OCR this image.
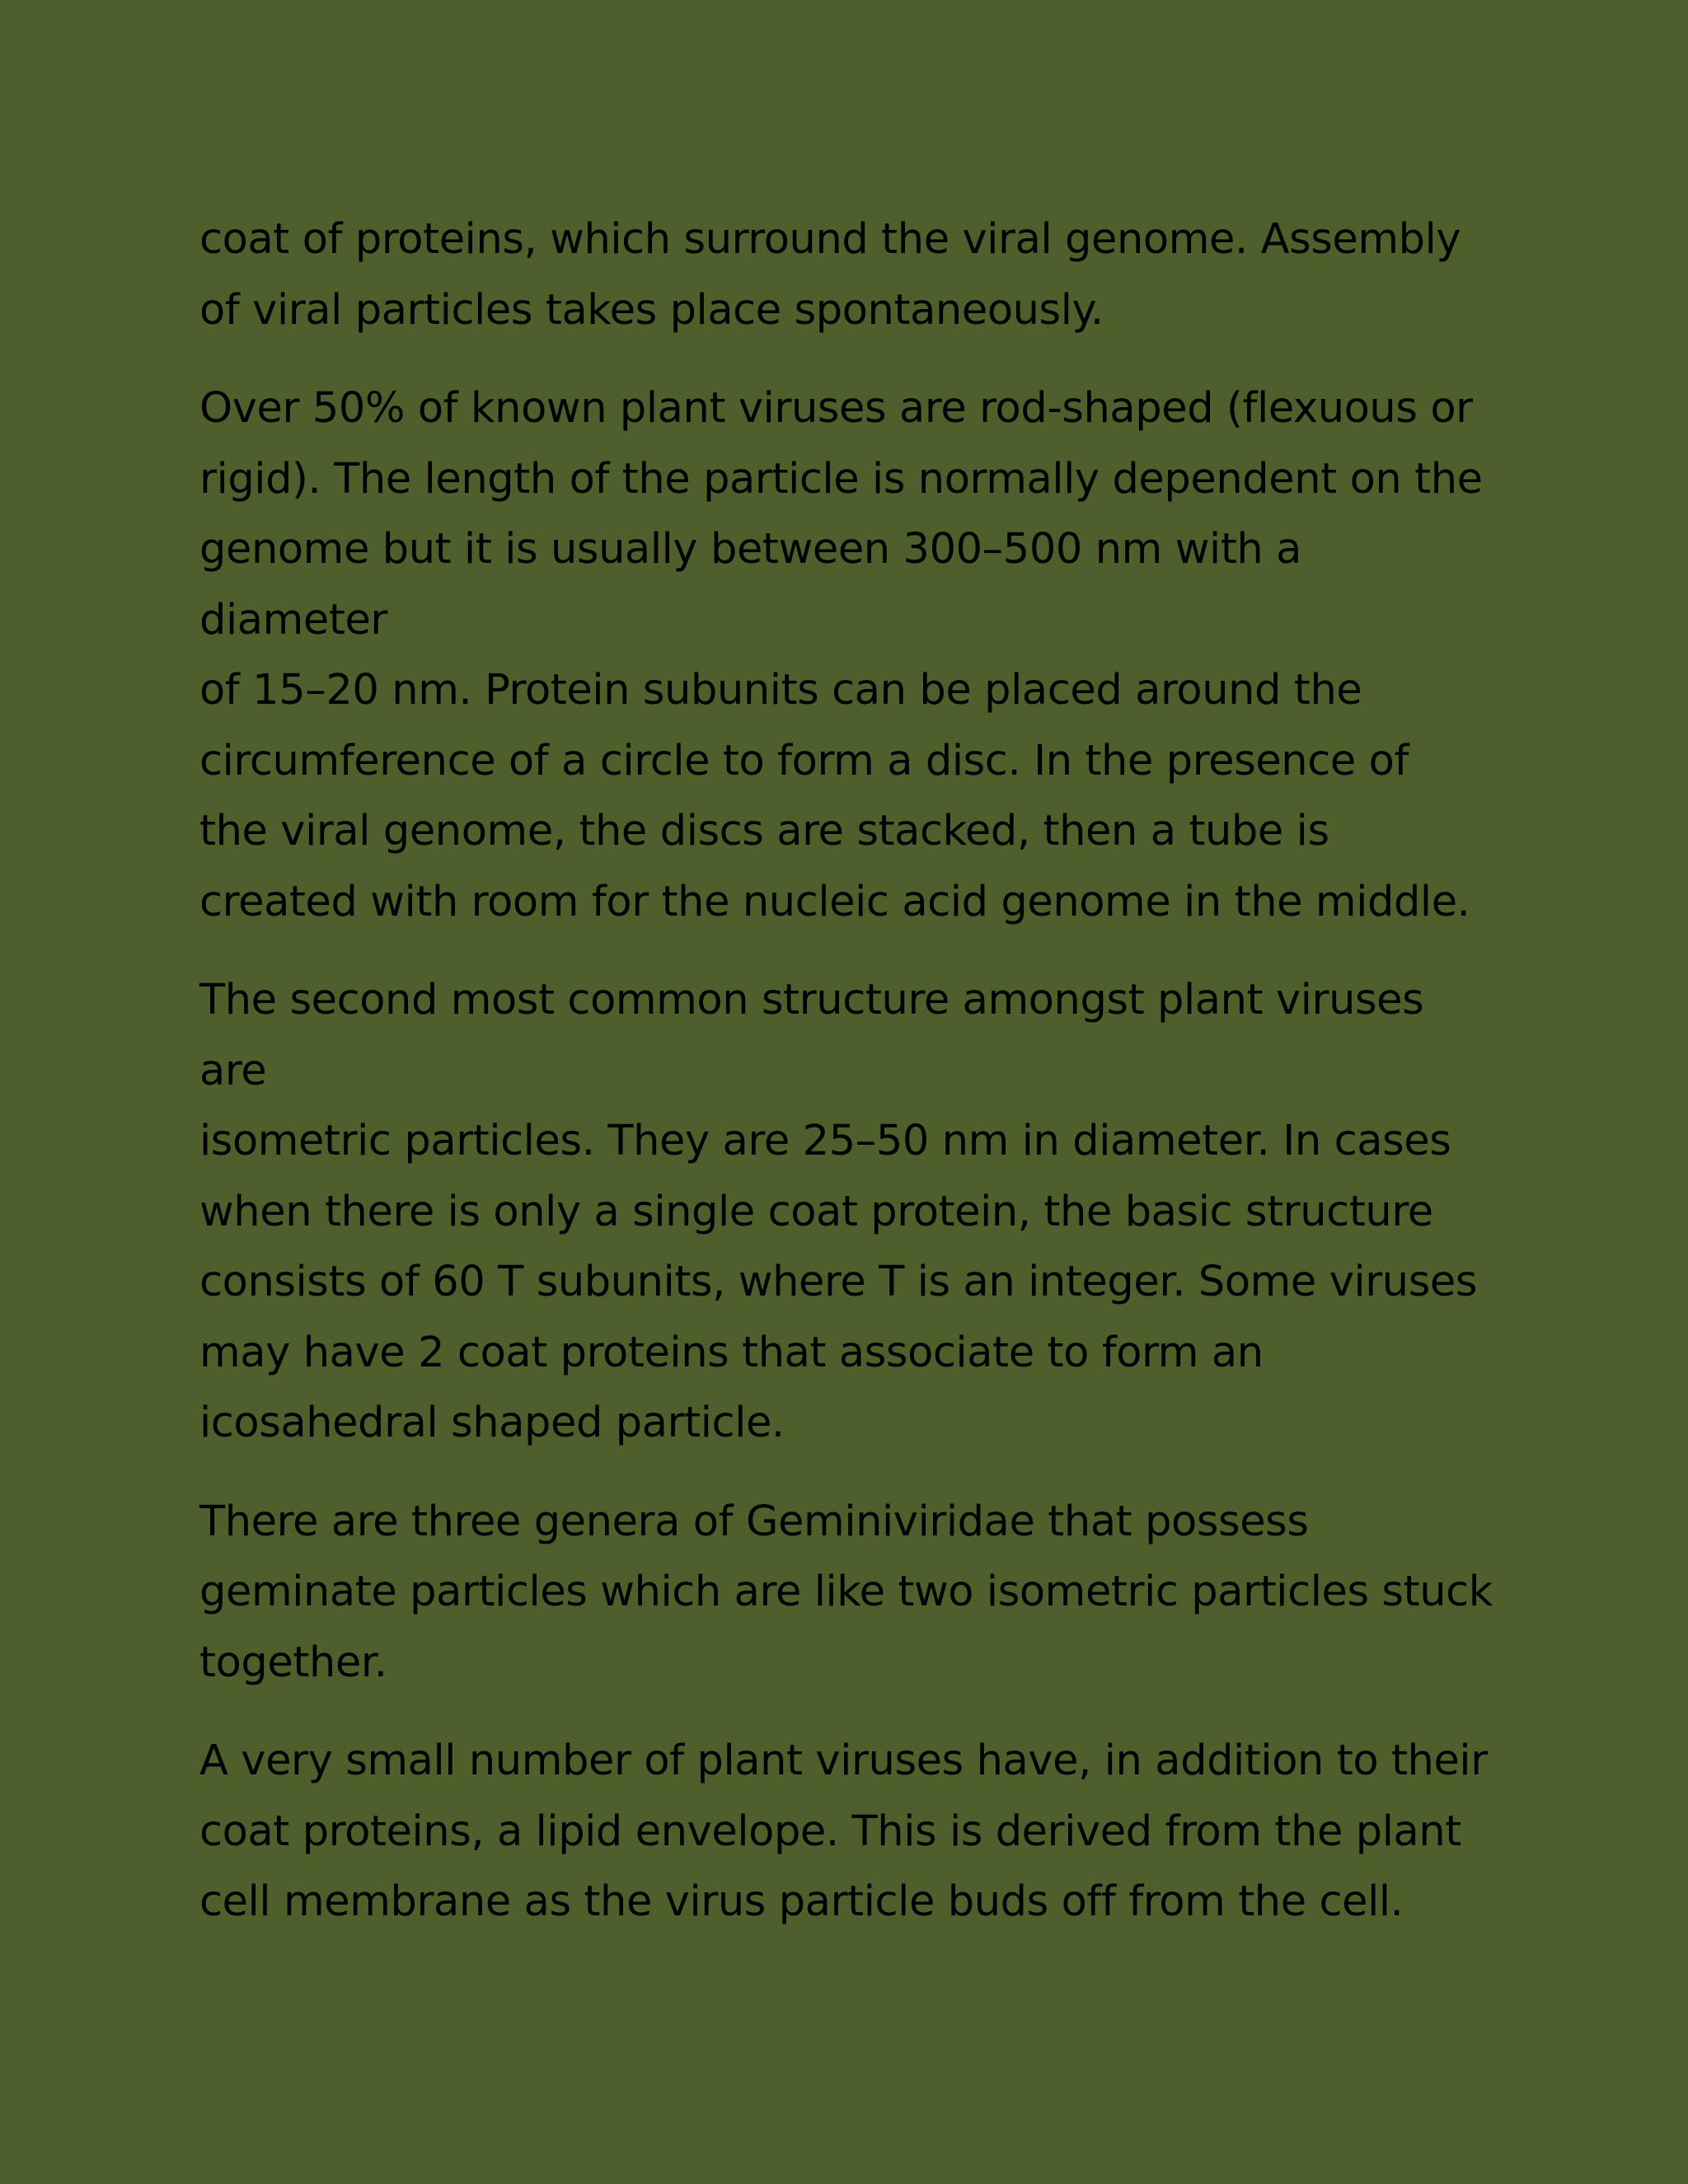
coat of proteins, which surround the viral genome. Assembly
of viral particles takes place spontaneously.

Over 50% of known plant viruses are rod-shaped (flexuous or
rigid). The length of the particle is normally dependent on the
genome but it is usually between 300–500 nm with a diameter
of 15–20 nm. Protein subunits can be placed around the
circumference of a circle to form a disc. In the presence of
the viral genome, the discs are stacked, then a tube is
created with room for the nucleic acid genome in the middle.

The second most common structure amongst plant viruses are
isometric particles. They are 25–50 nm in diameter. In cases
when there is only a single coat protein, the basic structure
consists of 60 T subunits, where T is an integer. Some viruses
may have 2 coat proteins that associate to form an
icosahedral shaped particle.

There are three genera of Geminiviridae that possess
geminate particles which are like two isometric particles stuck
together.

A very small number of plant viruses have, in addition to their
coat proteins, a lipid envelope. This is derived from the plant
cell membrane as the virus particle buds off from the cell.
